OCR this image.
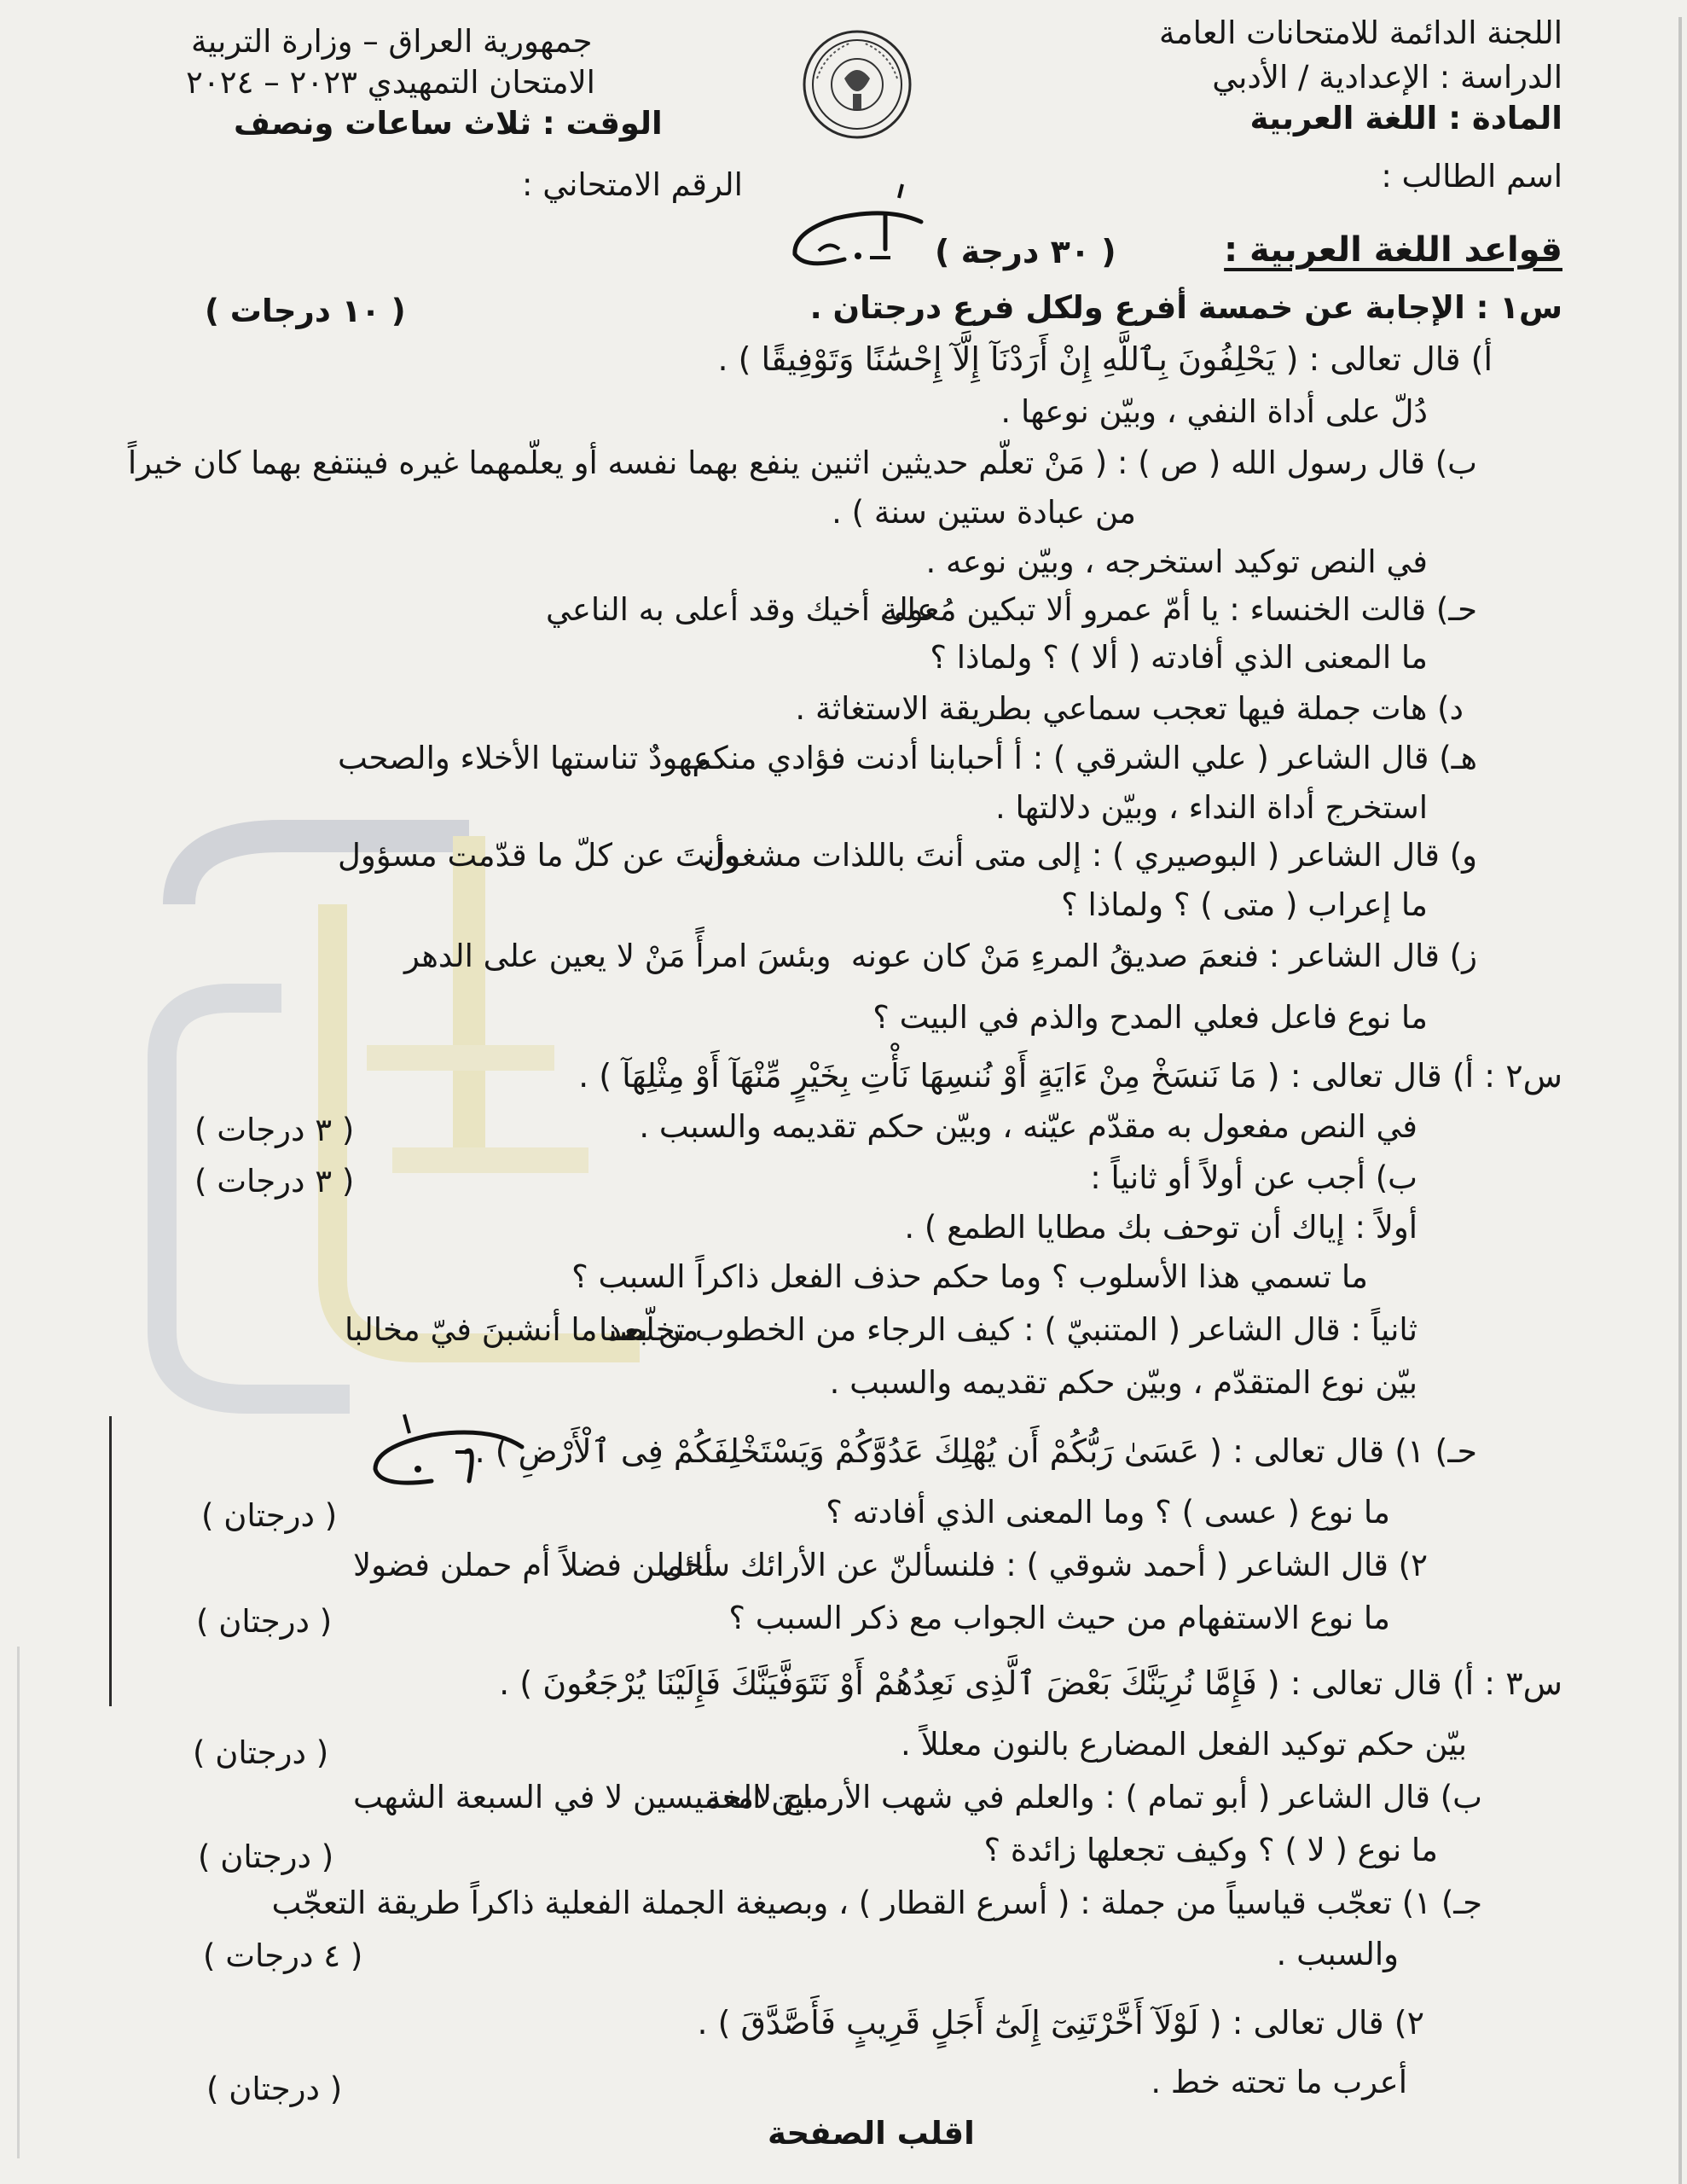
اللجنة الدائمة للامتحانات العامة
الدراسة : الإعدادية / الأدبي
المادة : اللغة العربية
اسم الطالب :
جمهورية العراق – وزارة التربية
الامتحان التمهيدي ٢٠٢٣ – ٢٠٢٤
الوقت : ثلاث ساعات ونصف
الرقم الامتحاني :
قواعد اللغة العربية :
( ٣٠ درجة )
س١ : الإجابة عن خمسة أفرع ولكل فرع درجتان .
( ١٠ درجات )
أ) قال تعالى : ( يَحْلِفُونَ بِٱللَّهِ إِنْ أَرَدْنَآ إِلَّآ إِحْسَٰنًا وَتَوْفِيقًا ) .
دُلّ على أداة النفي ، وبيّن نوعها .
ب) قال رسول الله ( ص ) : ( مَنْ تعلّم حديثين اثنين ينفع بهما نفسه أو يعلّمهما غيره فينتفع بهما كان خيراً
من عبادة ستين سنة ) .
في النص توكيد استخرجه ، وبيّن نوعه .
حـ) قالت الخنساء : يا أمّ عمرو ألا تبكين مُعولة
على أخيك وقد أعلى به الناعي
ما المعنى الذي أفادته ( ألا ) ؟ ولماذا ؟
د) هات جملة فيها تعجب سماعي بطريقة الاستغاثة .
هـ) قال الشاعر ( علي الشرقي ) : أ أحبابنا أدنت فؤادي منكم
عهودٌ تناستها الأخلاء والصحب
استخرج أداة النداء ، وبيّن دلالتها .
و) قال الشاعر ( البوصيري ) : إلى متى أنتَ باللذات مشغول
وأنتَ عن كلّ ما قدّمت مسؤول
ما إعراب ( متى ) ؟ ولماذا ؟
ز) قال الشاعر : فنعمَ صديقُ المرءِ مَنْ كان عونه
وبئسَ امرأً مَنْ لا يعين على الدهر
ما نوع فاعل فعلي المدح والذم في البيت ؟
س٢ : أ) قال تعالى : ( مَا نَنسَخْ مِنْ ءَايَةٍ أَوْ نُنسِهَا نَأْتِ بِخَيْرٍ مِّنْهَآ أَوْ مِثْلِهَآ ) .
في النص مفعول به مقدّم عيّنه ، وبيّن حكم تقديمه والسبب .
( ٣ درجات )
ب) أجب عن أولاً أو ثانياً :
( ٣ درجات )
أولاً : إياك أن توحف بك مطايا الطمع ) .
ما تسمي هذا الأسلوب ؟ وما حكم حذف الفعل ذاكراً السبب ؟
ثانياً : قال الشاعر ( المتنبيّ ) : كيف الرجاء من الخطوب تخلّصنا
من بعد ما أنشبنَ فيّ مخالبا
بيّن نوع المتقدّم ، وبيّن حكم تقديمه والسبب .
حـ) ١) قال تعالى : ( عَسَىٰ رَبُّكُمْ أَن يُهْلِكَ عَدُوَّكُمْ وَيَسْتَخْلِفَكُمْ فِى ٱلْأَرْضِ ) .
ما نوع ( عسى ) ؟ وما المعنى الذي أفادته ؟
( درجتان )
٢) قال الشاعر ( أحمد شوقي ) : فلنسألنّ عن الأرائك سائل
أحملن فضلاً أم حملن فضولا
ما نوع الاستفهام من حيث الجواب مع ذكر السبب ؟
( درجتان )
س٣ : أ) قال تعالى : ( فَإِمَّا نُرِيَنَّكَ بَعْضَ ٱلَّذِى نَعِدُهُمْ أَوْ نَتَوَفَّيَنَّكَ فَإِلَيْنَا يُرْجَعُونَ ) .
بيّن حكم توكيد الفعل المضارع بالنون معللاً .
( درجتان )
ب) قال الشاعر ( أبو تمام ) : والعلم في شهب الأرماح لامعة
بين الخميسين لا في السبعة الشهب
ما نوع ( لا ) ؟ وكيف تجعلها زائدة ؟
( درجتان )
جـ) ١) تعجّب قياسياً من جملة : ( أسرع القطار ) ، وبصيغة الجملة الفعلية ذاكراً طريقة التعجّب
والسبب .
( ٤ درجات )
٢) قال تعالى : ( لَوْلَآ أَخَّرْتَنِىٓ إِلَىٰٓ أَجَلٍ قَرِيبٍ فَأَصَّدَّقَ ) .
أعرب ما تحته خط .
( درجتان )
اقلب الصفحة
